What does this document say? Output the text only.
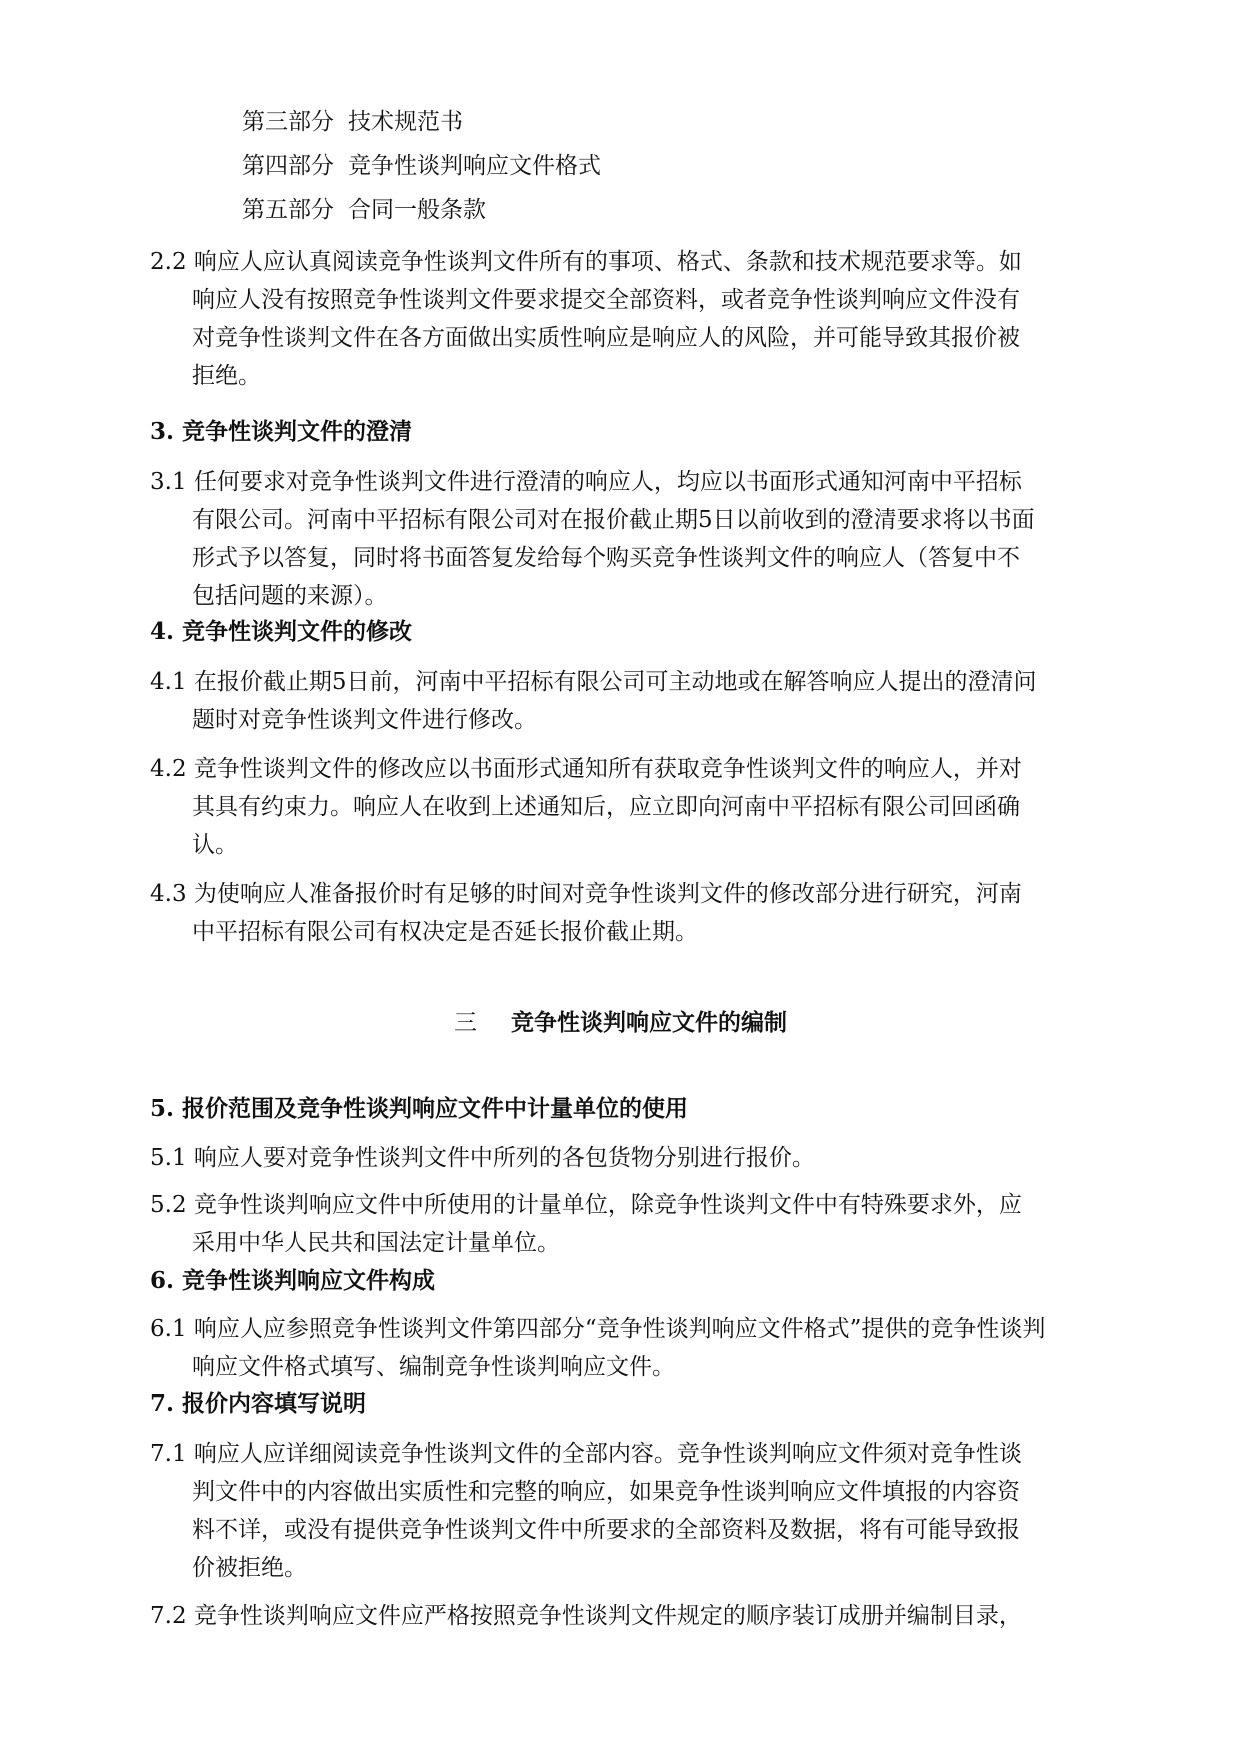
第三部分 技术规范书
第四部分 竞争性谈判响应文件格式
第五部分 合同一般条款
2.2 响应人应认真阅读竞争性谈判文件所有的事项、格式、条款和技术规范要求等。如
响应人没有按照竞争性谈判文件要求提交全部资料，或者竞争性谈判响应文件没有
对竞争性谈判文件在各方面做出实质性响应是响应人的风险，并可能导致其报价被
拒绝。
3. 竞争性谈判文件的澄清
3.1 任何要求对竞争性谈判文件进行澄清的响应人，均应以书面形式通知河南中平招标
有限公司。河南中平招标有限公司对在报价截止期5日以前收到的澄清要求将以书面
形式予以答复，同时将书面答复发给每个购买竞争性谈判文件的响应人（答复中不
包括问题的来源）。
4. 竞争性谈判文件的修改
4.1 在报价截止期5日前，河南中平招标有限公司可主动地或在解答响应人提出的澄清问
题时对竞争性谈判文件进行修改。
4.2 竞争性谈判文件的修改应以书面形式通知所有获取竞争性谈判文件的响应人，并对
其具有约束力。响应人在收到上述通知后，应立即向河南中平招标有限公司回函确
认。
4.3 为使响应人准备报价时有足够的时间对竞争性谈判文件的修改部分进行研究，河南
中平招标有限公司有权决定是否延长报价截止期。
三 竞争性谈判响应文件的编制
5. 报价范围及竞争性谈判响应文件中计量单位的使用
5.1 响应人要对竞争性谈判文件中所列的各包货物分别进行报价。
5.2 竞争性谈判响应文件中所使用的计量单位，除竞争性谈判文件中有特殊要求外，应
采用中华人民共和国法定计量单位。
6. 竞争性谈判响应文件构成
6.1 响应人应参照竞争性谈判文件第四部分“竞争性谈判响应文件格式”提供的竞争性谈判
响应文件格式填写、编制竞争性谈判响应文件。
7. 报价内容填写说明
7.1 响应人应详细阅读竞争性谈判文件的全部内容。竞争性谈判响应文件须对竞争性谈
判文件中的内容做出实质性和完整的响应，如果竞争性谈判响应文件填报的内容资
料不详，或没有提供竞争性谈判文件中所要求的全部资料及数据，将有可能导致报
价被拒绝。
7.2 竞争性谈判响应文件应严格按照竞争性谈判文件规定的顺序装订成册并编制目录，
